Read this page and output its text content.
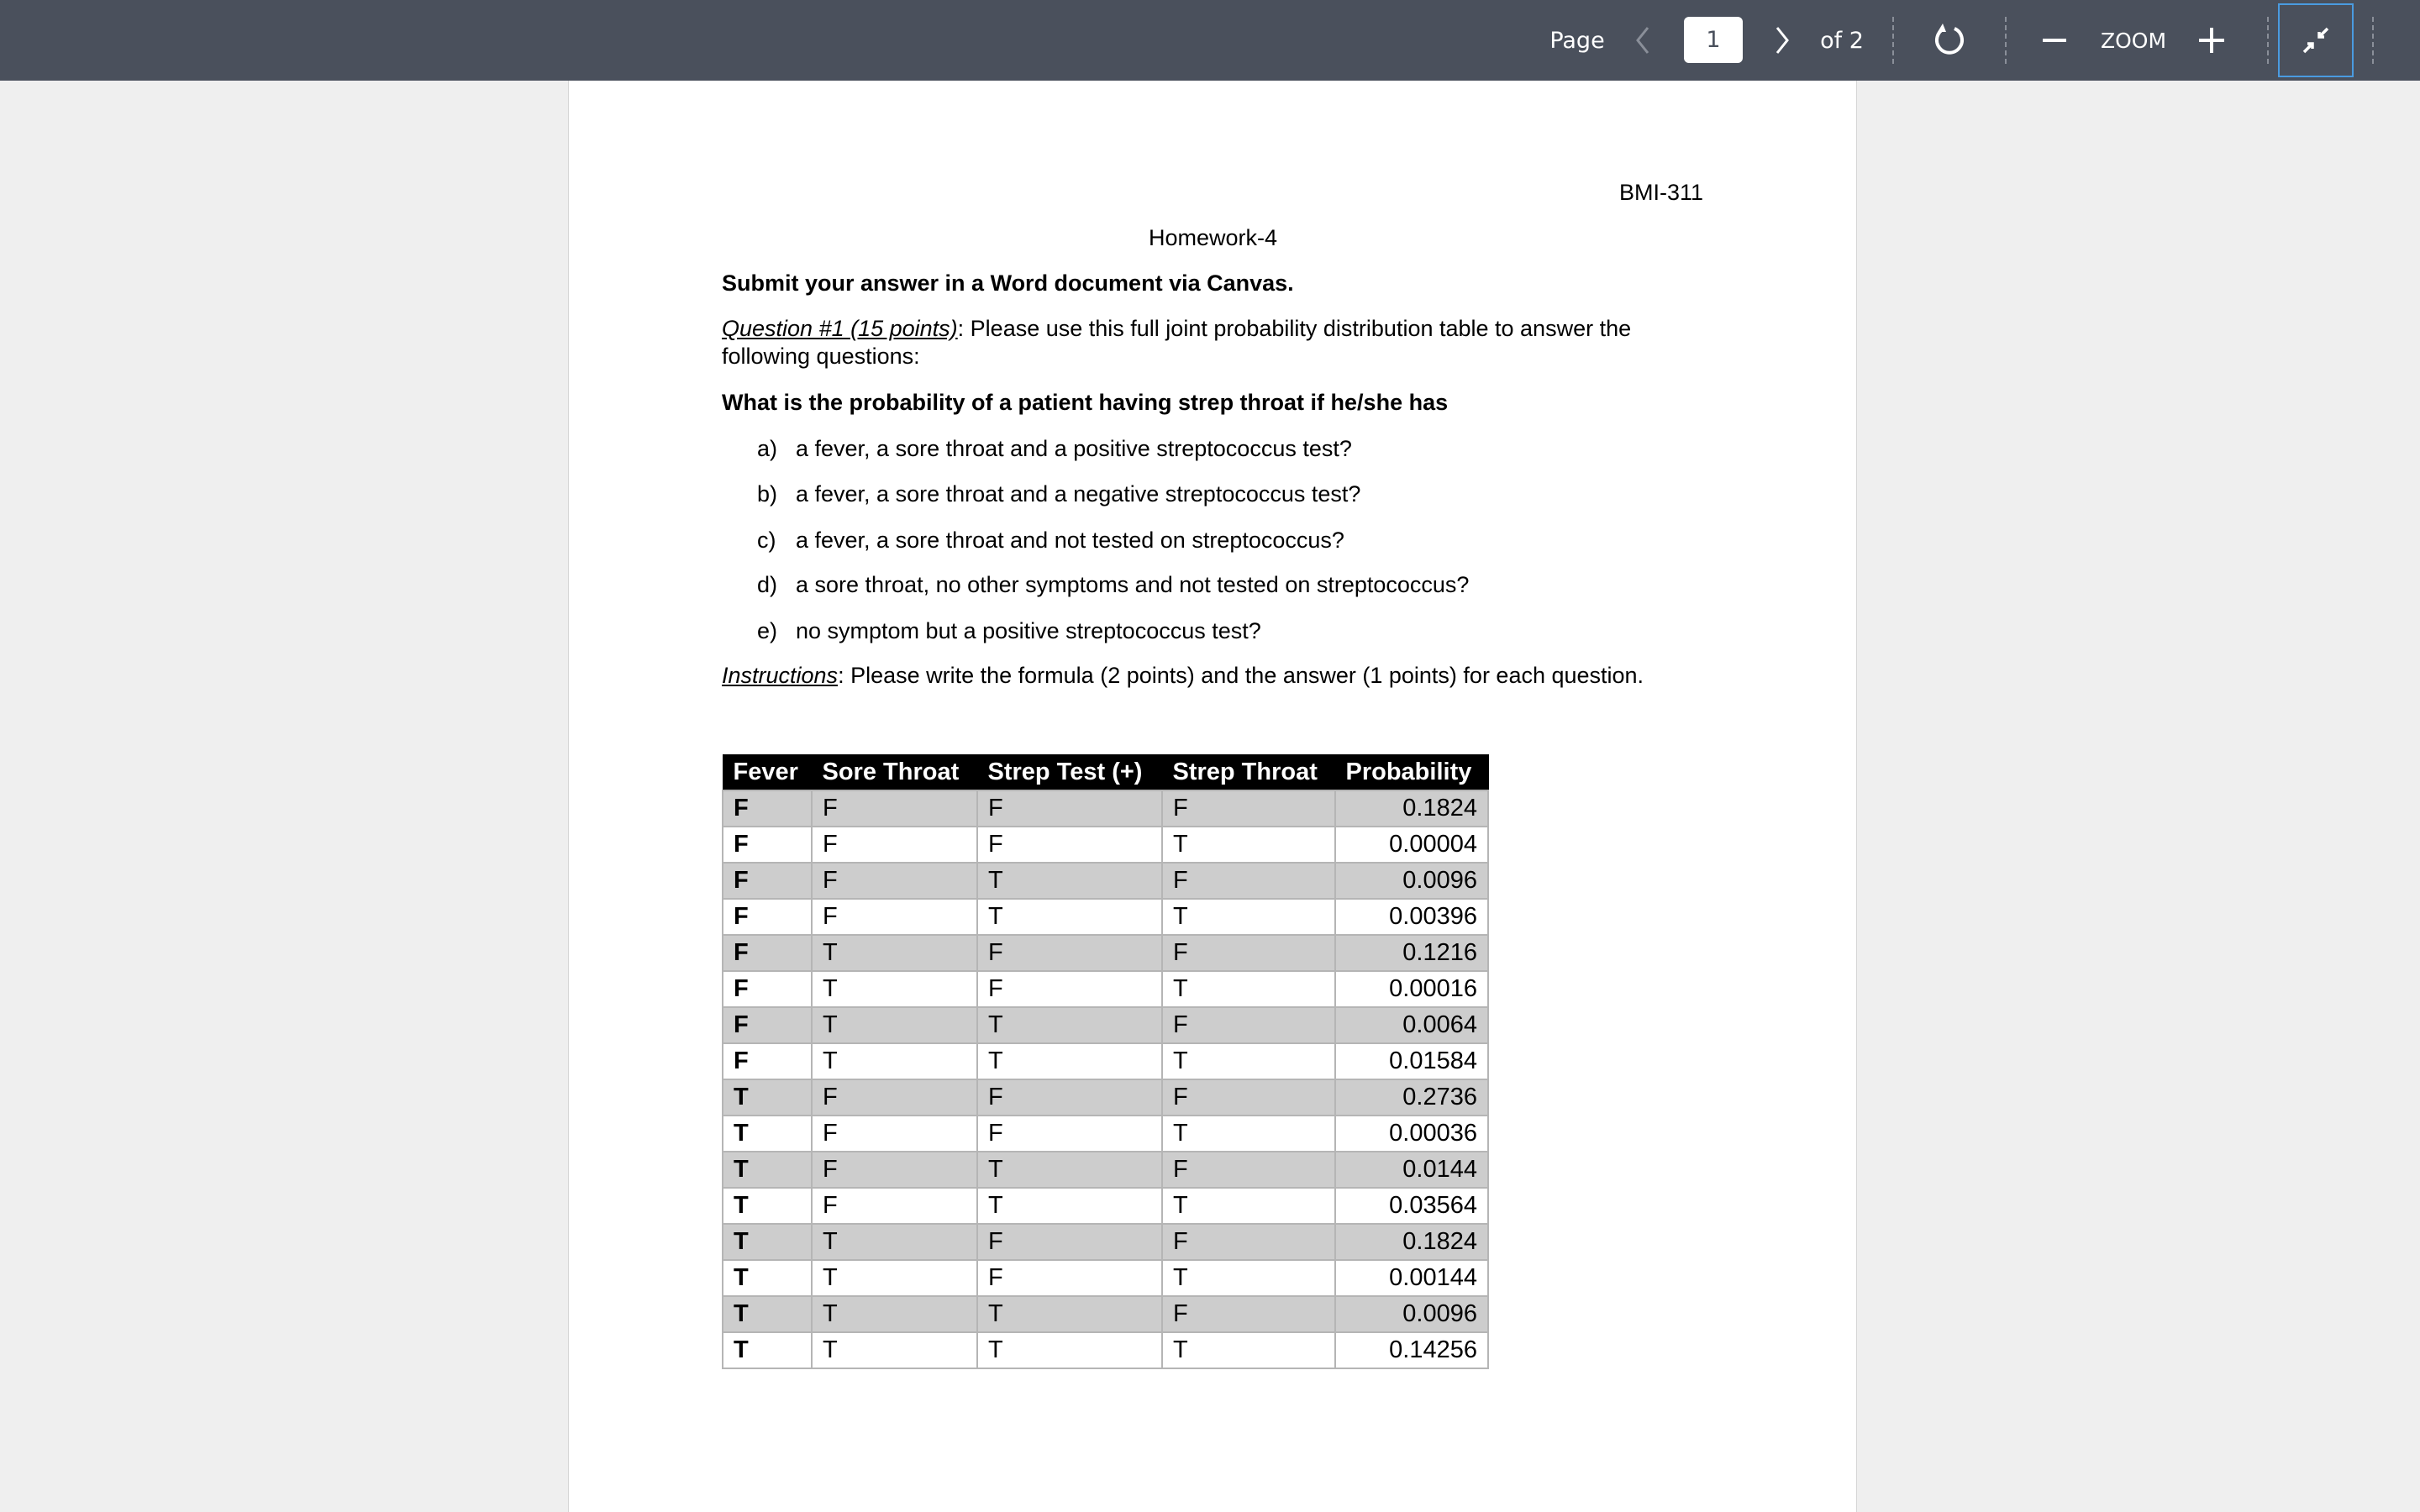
Page	1	of 2	ZOOM
BMI-311
Homework-4
Submit your answer in a Word document via Canvas.
Question #1 (15 points): Please use this full joint probability distribution table to answer the
following questions:
What is the probability of a patient having strep throat if he/she has
a) a fever, a sore throat and a positive streptococcus test?
b) a fever, a sore throat and a negative streptococcus test?
c) a fever, a sore throat and not tested on streptococcus?
d) a sore throat, no other symptoms and not tested on streptococcus?
e) no symptom but a positive streptococcus test?
Instructions: Please write the formula (2 points) and the answer (1 points) for each question.
Fever	Sore Throat	Strep Test (+)	Strep Throat	Probability
F	F	F	F	0.1824
F	F	F	T	0.00004
F	F	T	F	0.0096
F	F	T	T	0.00396
F	T	F	F	0.1216
F	T	F	T	0.00016
F	T	T	F	0.0064
F	T	T	T	0.01584
T	F	F	F	0.2736
T	F	F	T	0.00036
T	F	T	F	0.0144
T	F	T	T	0.03564
T	T	F	F	0.1824
T	T	F	T	0.00144
T	T	T	F	0.0096
T	T	T	T	0.14256
